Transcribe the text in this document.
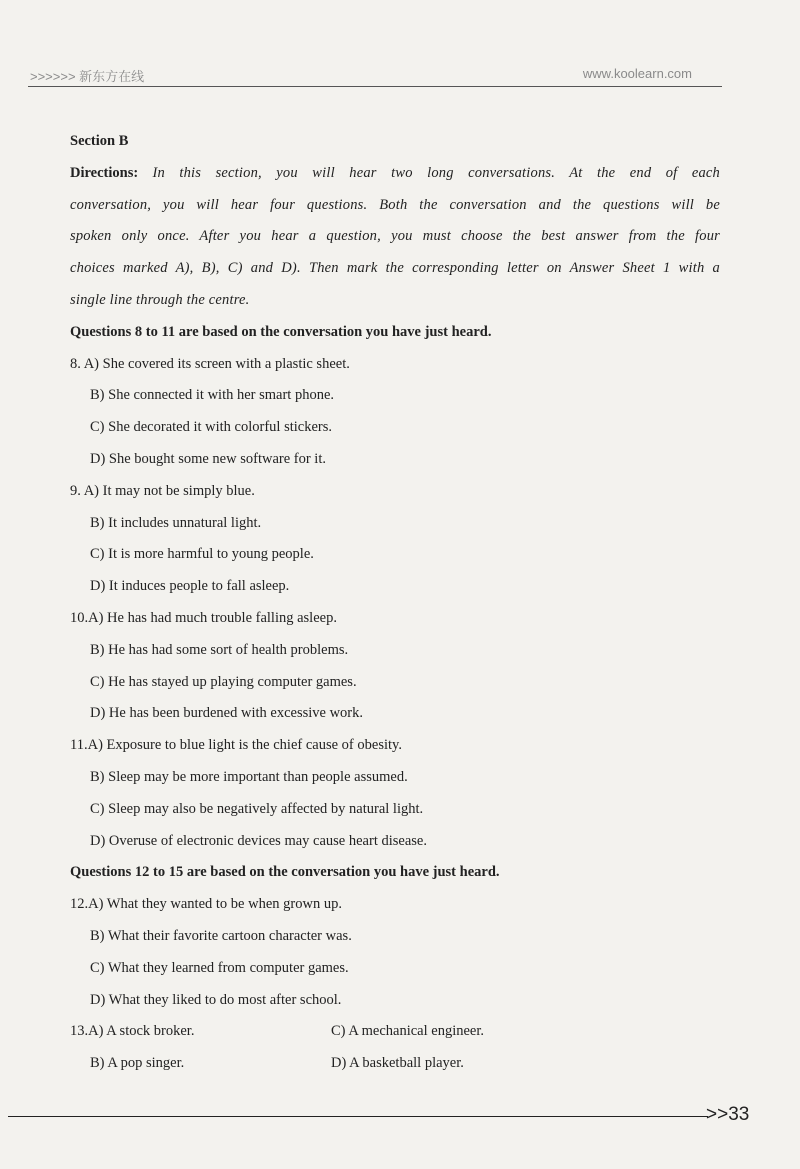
>>>>>> 新东方在线	www.koolearn.com
Section B
Directions: In this section, you will hear two long conversations. At the end of each
conversation, you will hear four questions. Both the conversation and the questions will be
spoken only once. After you hear a question, you must choose the best answer from the four
choices marked A), B), C) and D). Then mark the corresponding letter on Answer Sheet 1 with a
single line through the centre.
Questions 8 to 11 are based on the conversation you have just heard.
8. A) She covered its screen with a plastic sheet.
B) She connected it with her smart phone.
C) She decorated it with colorful stickers.
D) She bought some new software for it.
9. A) It may not be simply blue.
B) It includes unnatural light.
C) It is more harmful to young people.
D) It induces people to fall asleep.
10.A) He has had much trouble falling asleep.
B) He has had some sort of health problems.
C) He has stayed up playing computer games.
D) He has been burdened with excessive work.
11.A) Exposure to blue light is the chief cause of obesity.
B) Sleep may be more important than people assumed.
C) Sleep may also be negatively affected by natural light.
D) Overuse of electronic devices may cause heart disease.
Questions 12 to 15 are based on the conversation you have just heard.
12.A) What they wanted to be when grown up.
B) What their favorite cartoon character was.
C) What they learned from computer games.
D) What they liked to do most after school.
13.A) A stock broker.	C) A mechanical engineer.
B) A pop singer.	D) A basketball player.
>>33
